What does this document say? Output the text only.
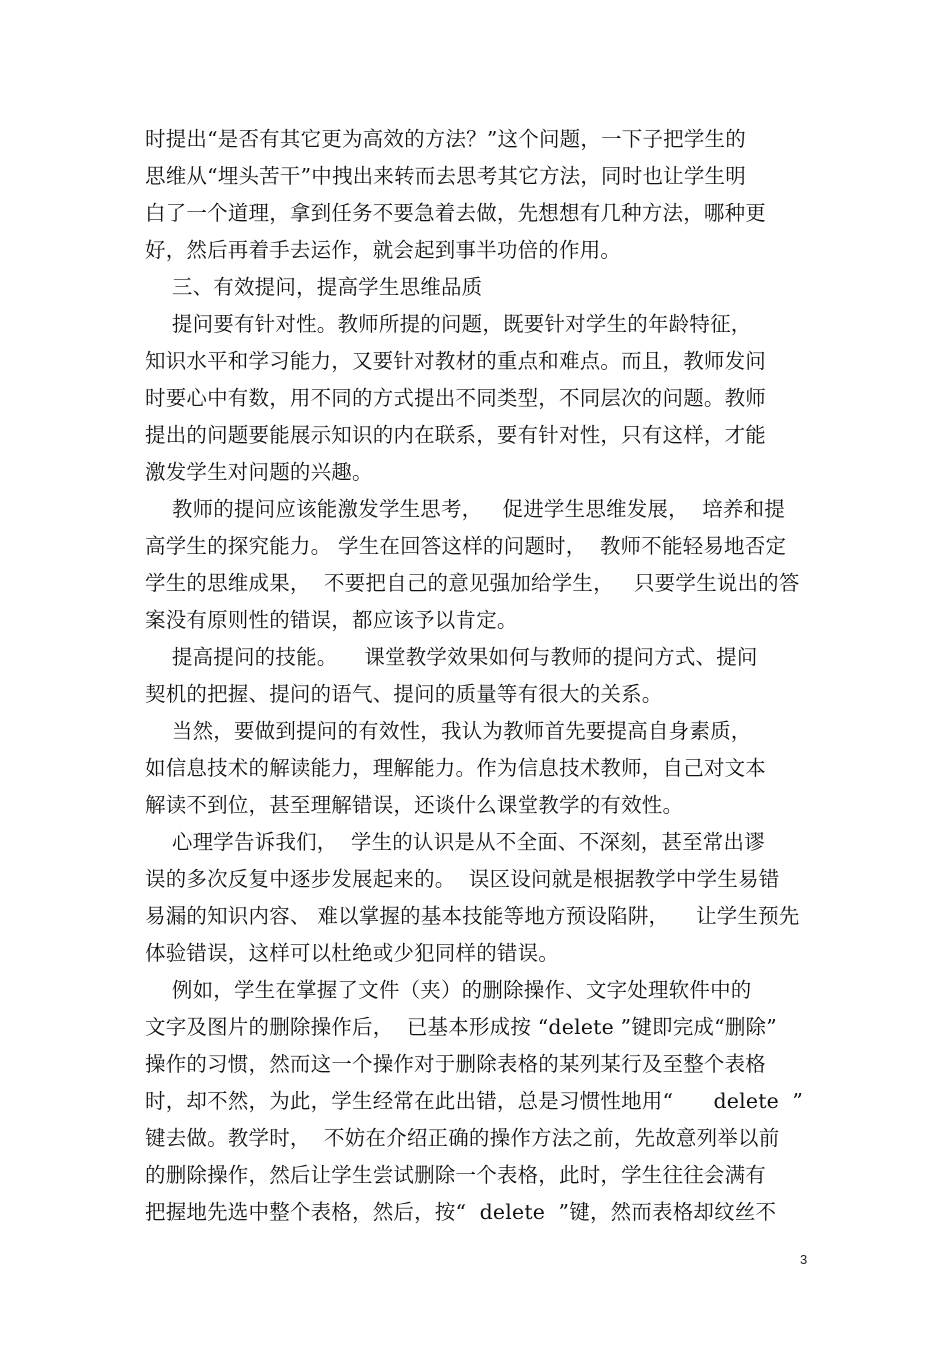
时提出“是否有其它更为高效的方法？”这个问题，一下子把学生的
思维从“埋头苦干”中拽出来转而去思考其它方法，同时也让学生明
白了一个道理，拿到任务不要急着去做，先想想有几种方法，哪种更
好，然后再着手去运作，就会起到事半功倍的作用。
三、有效提问，提高学生思维品质
提问要有针对性。教师所提的问题，既要针对学生的年龄特征，
知识水平和学习能力，又要针对教材的重点和难点。而且，教师发问
时要心中有数，用不同的方式提出不同类型，不同层次的问题。教师
提出的问题要能展示知识的内在联系，要有针对性，只有这样，才能
激发学生对问题的兴趣。
教师的提问应该能激发学生思考，   促进学生思维发展，  培养和提
高学生的探究能力。 学生在回答这样的问题时，  教师不能轻易地否定
学生的思维成果，  不要把自己的意见强加给学生，   只要学生说出的答
案没有原则性的错误，都应该予以肯定。
提高提问的技能。    课堂教学效果如何与教师的提问方式、提问
契机的把握、提问的语气、提问的质量等有很大的关系。
当然，要做到提问的有效性，我认为教师首先要提高自身素质，
如信息技术的解读能力，理解能力。作为信息技术教师，自己对文本
解读不到位，甚至理解错误，还谈什么课堂教学的有效性。
心理学告诉我们，  学生的认识是从不全面、不深刻，甚至常出谬
误的多次反复中逐步发展起来的。  误区设问就是根据教学中学生易错
易漏的知识内容、 难以掌握的基本技能等地方预设陷阱，    让学生预先
体验错误，这样可以杜绝或少犯同样的错误。
例如，学生在掌握了文件（夹）的删除操作、文字处理软件中的
文字及图片的删除操作后，  已基本形成按 “delete ”键即完成“删除”
操作的习惯，然而这一个操作对于删除表格的某列某行及至整个表格
时，却不然，为此，学生经常在此出错，总是习惯性地用“      delete  ”
键去做。教学时，  不妨在介绍正确的操作方法之前，先故意列举以前
的删除操作，然后让学生尝试删除一个表格，此时，学生往往会满有
把握地先选中整个表格，然后，按“  delete  ”键，然而表格却纹丝不
3
